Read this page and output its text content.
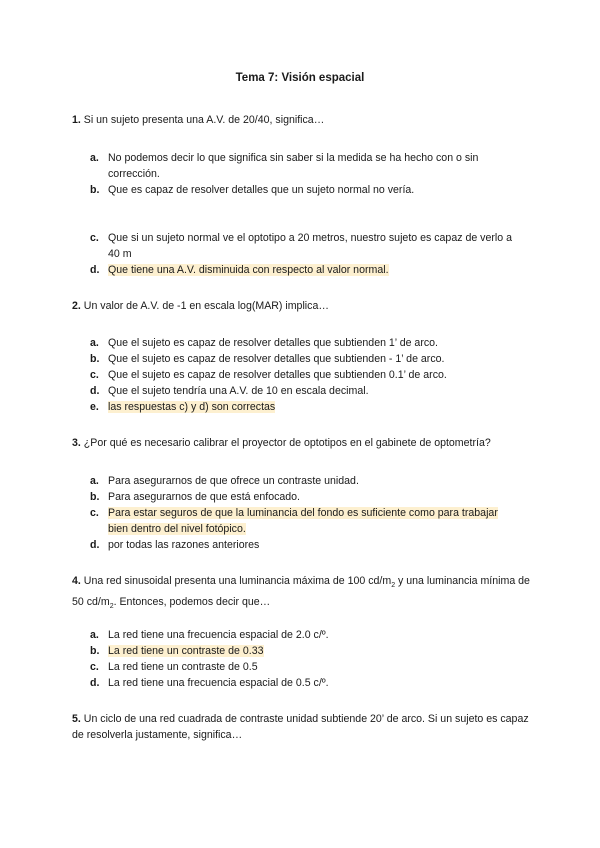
Tema 7: Visión espacial
1. Si un sujeto presenta una A.V. de 20/40, significa…
a. No podemos decir lo que significa sin saber si la medida se ha hecho con o sin corrección.
b. Que es capaz de resolver detalles que un sujeto normal no vería.
c. Que si un sujeto normal ve el optotipo a 20 metros, nuestro sujeto es capaz de verlo a 40 m
d. Que tiene una A.V. disminuida con respecto al valor normal.
2. Un valor de A.V. de -1 en escala log(MAR) implica…
a. Que el sujeto es capaz de resolver detalles que subtienden 1’ de arco.
b. Que el sujeto es capaz de resolver detalles que subtienden - 1’ de arco.
c. Que el sujeto es capaz de resolver detalles que subtienden 0.1’ de arco.
d. Que el sujeto tendría una A.V. de 10 en escala decimal.
e. las respuestas c) y d) son correctas
3. ¿Por qué es necesario calibrar el proyector de optotipos en el gabinete de optometría?
a. Para asegurarnos de que ofrece un contraste unidad.
b. Para asegurarnos de que está enfocado.
c. Para estar seguros de que la luminancia del fondo es suficiente como para trabajar bien dentro del nivel fotópico.
d. por todas las razones anteriores
4. Una red sinusoidal presenta una luminancia máxima de 100 $cd/m_2$ y una luminancia mínima de 50 $cd/m_2$. Entonces, podemos decir que…
a. La red tiene una frecuencia espacial de 2.0 c/º.
b. La red tiene un contraste de 0.33
c. La red tiene un contraste de 0.5
d. La red tiene una frecuencia espacial de 0.5 c/º.
5. Un ciclo de una red cuadrada de contraste unidad subtiende 20’ de arco. Si un sujeto es capaz de resolverla justamente, significa…
